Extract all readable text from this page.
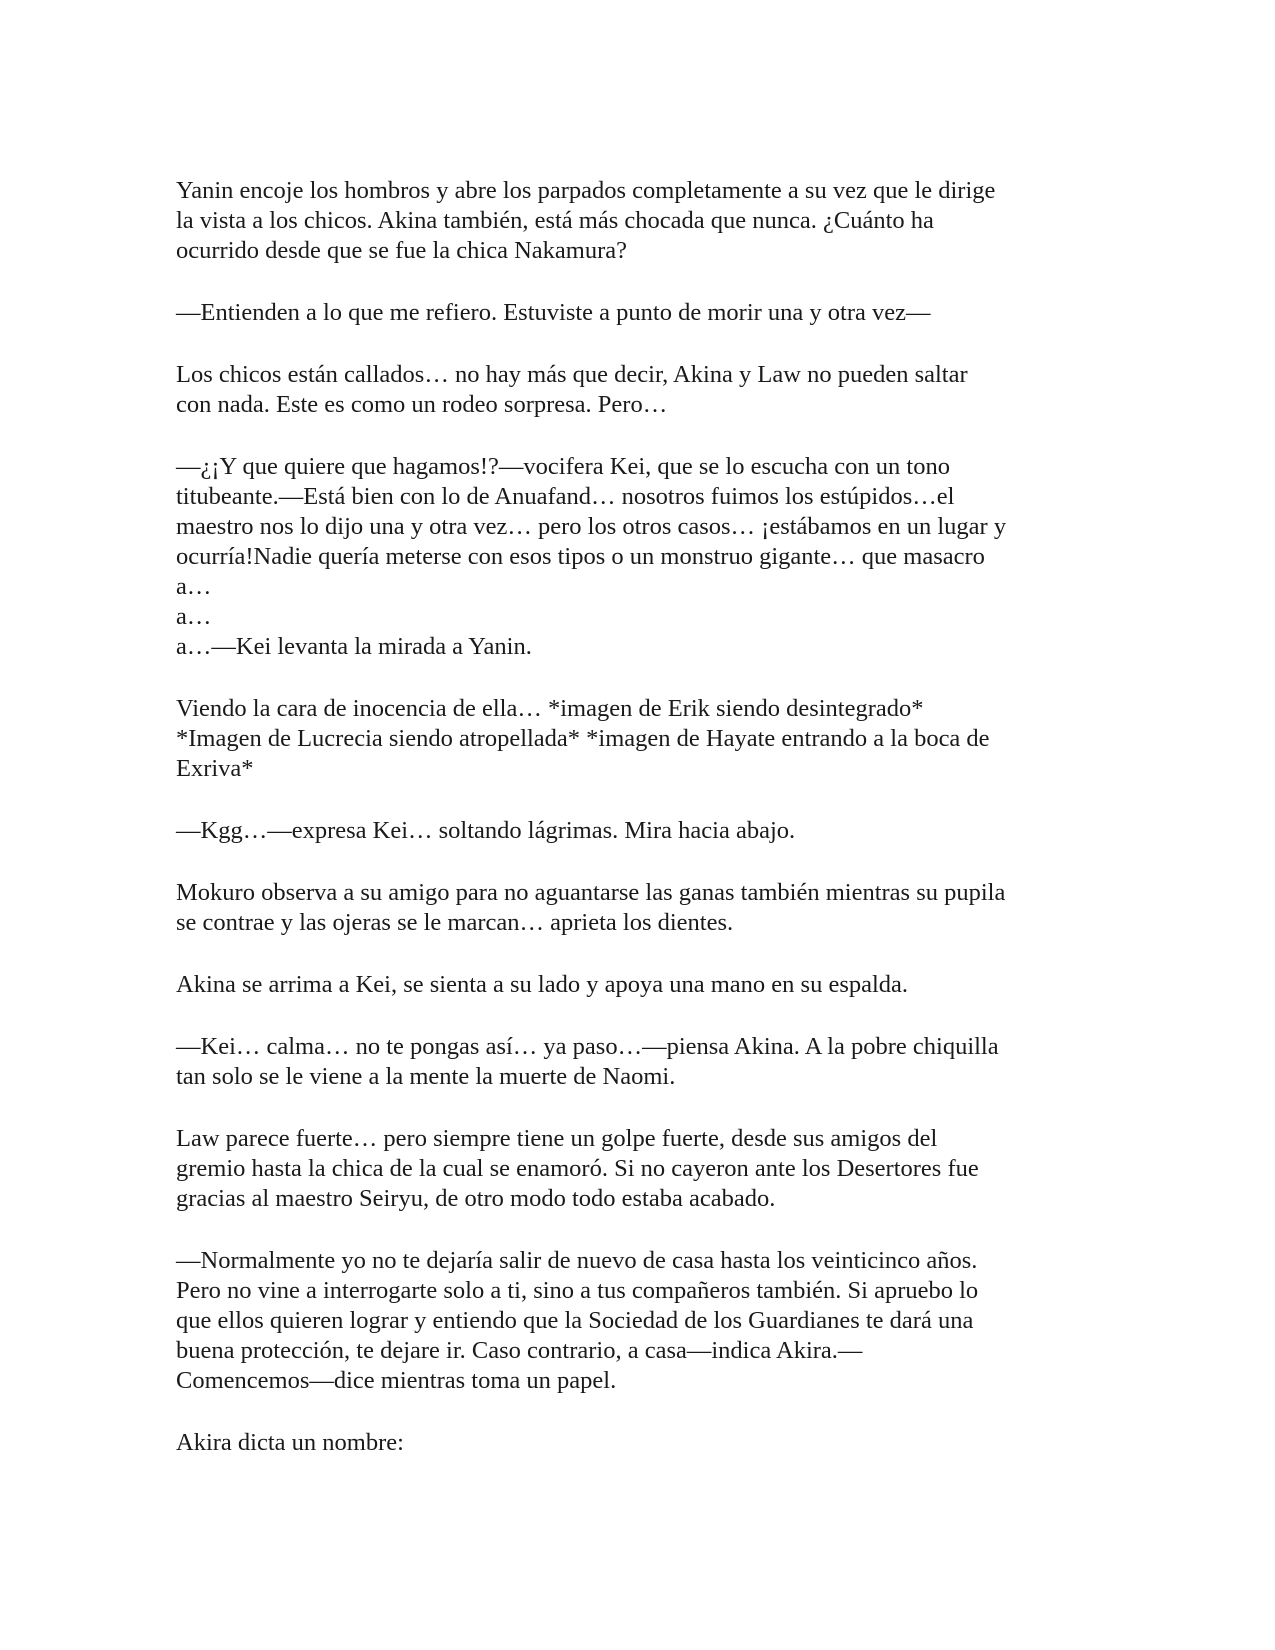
Yanin encoje los hombros y abre los parpados completamente a su vez que le dirige
la vista a los chicos. Akina también, está más chocada que nunca. ¿Cuánto ha
ocurrido desde que se fue la chica Nakamura?

—Entienden a lo que me refiero. Estuviste a punto de morir una y otra vez—

Los chicos están callados… no hay más que decir, Akina y Law no pueden saltar
con nada. Este es como un rodeo sorpresa. Pero…

—¿¡Y que quiere que hagamos!?—vocifera Kei, que se lo escucha con un tono
titubeante.—Está bien con lo de Anuafand… nosotros fuimos los estúpidos…el
maestro nos lo dijo una y otra vez… pero los otros casos… ¡estábamos en un lugar y
ocurría!Nadie quería meterse con esos tipos o un monstruo gigante… que masacro
a…
a…
a…—Kei levanta la mirada a Yanin.

Viendo la cara de inocencia de ella… *imagen de Erik siendo desintegrado*
*Imagen de Lucrecia siendo atropellada* *imagen de Hayate entrando a la boca de
Exriva*

—Kgg…—expresa Kei… soltando lágrimas. Mira hacia abajo.

Mokuro observa a su amigo para no aguantarse las ganas también mientras su pupila
se contrae y las ojeras se le marcan… aprieta los dientes.

Akina se arrima a Kei, se sienta a su lado y apoya una mano en su espalda.

—Kei… calma… no te pongas así… ya paso…—piensa Akina. A la pobre chiquilla
tan solo se le viene a la mente la muerte de Naomi.

Law parece fuerte… pero siempre tiene un golpe fuerte, desde sus amigos del
gremio hasta la chica de la cual se enamoró. Si no cayeron ante los Desertores fue
gracias al maestro Seiryu, de otro modo todo estaba acabado.

—Normalmente yo no te dejaría salir de nuevo de casa hasta los veinticinco años.
Pero no vine a interrogarte solo a ti, sino a tus compañeros también. Si apruebo lo
que ellos quieren lograr y entiendo que la Sociedad de los Guardianes te dará una
buena protección, te dejare ir. Caso contrario, a casa—indica Akira.—
Comencemos—dice mientras toma un papel.

Akira dicta un nombre:
